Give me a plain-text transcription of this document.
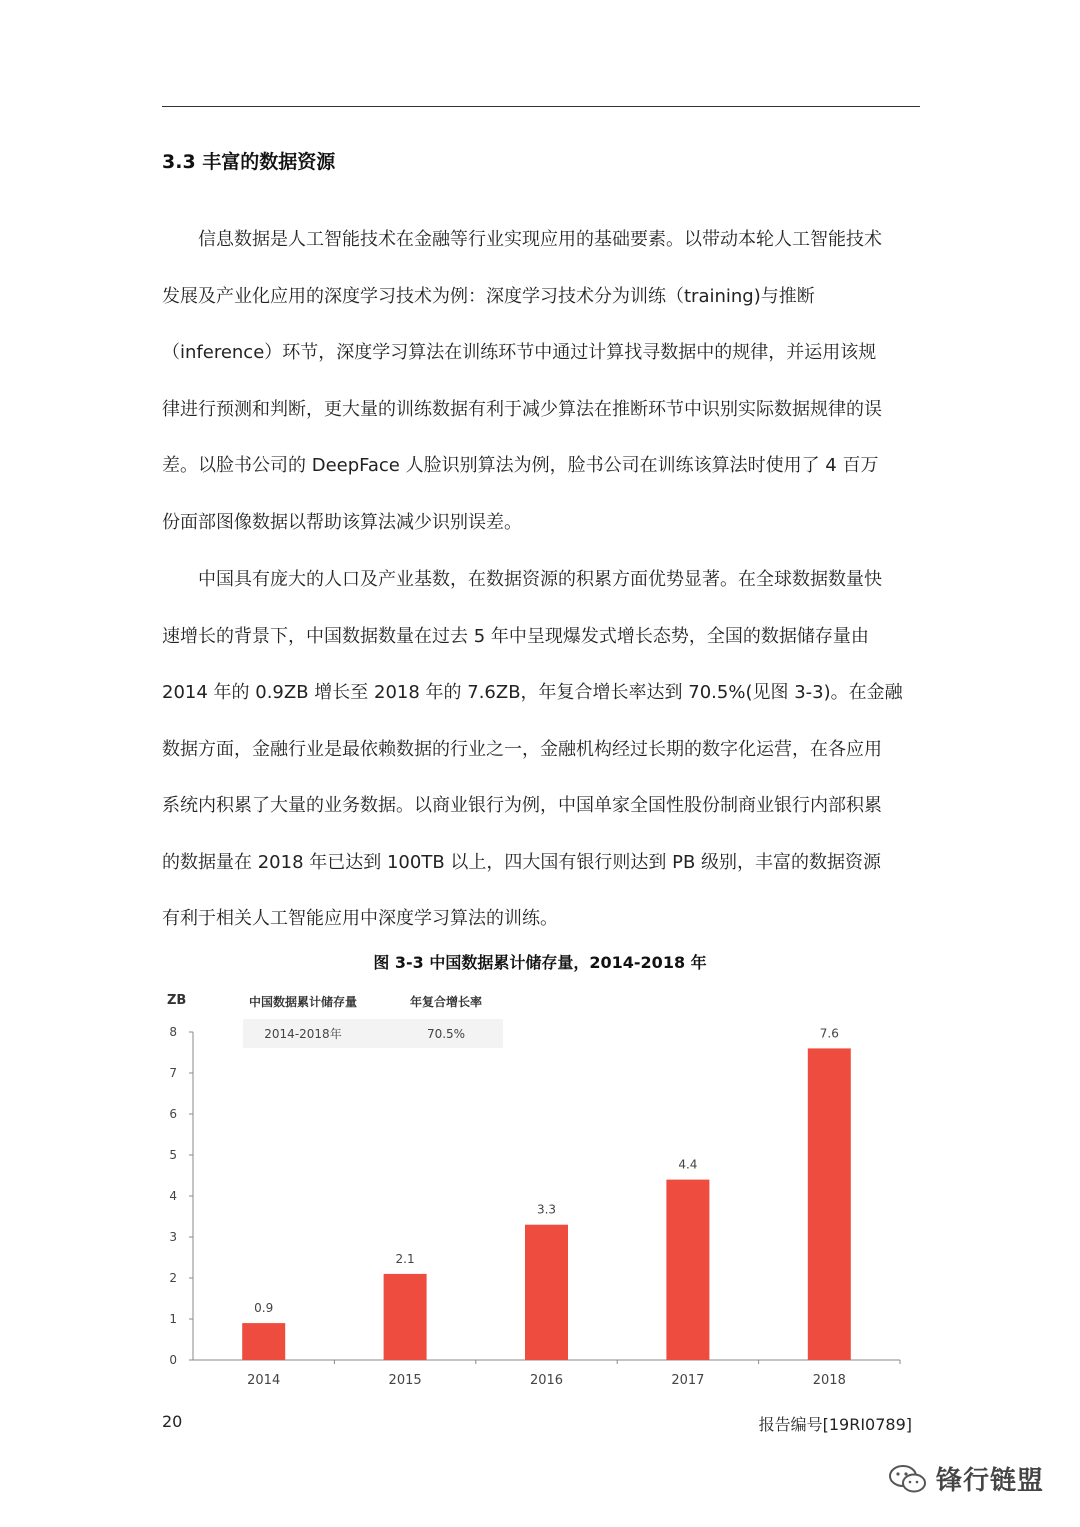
3.3 丰富的数据资源
　　信息数据是人工智能技术在金融等行业实现应用的基础要素。以带动本轮人工智能技术
发展及产业化应用的深度学习技术为例：深度学习技术分为训练（training)与推断
（inference）环节，深度学习算法在训练环节中通过计算找寻数据中的规律，并运用该规
律进行预测和判断，更大量的训练数据有利于减少算法在推断环节中识别实际数据规律的误
差。以脸书公司的 DeepFace 人脸识别算法为例，脸书公司在训练该算法时使用了 4 百万
份面部图像数据以帮助该算法减少识别误差。
　　中国具有庞大的人口及产业基数，在数据资源的积累方面优势显著。在全球数据数量快
速增长的背景下，中国数据数量在过去 5 年中呈现爆发式增长态势，全国的数据储存量由
2014 年的 0.9ZB 增长至 2018 年的 7.6ZB，年复合增长率达到 70.5%(见图 3-3)。在金融
数据方面，金融行业是最依赖数据的行业之一，金融机构经过长期的数字化运营，在各应用
系统内积累了大量的业务数据。以商业银行为例，中国单家全国性股份制商业银行内部积累
的数据量在 2018 年已达到 100TB 以上，四大国有银行则达到 PB 级别，丰富的数据资源
有利于相关人工智能应用中深度学习算法的训练。
图 3-3 中国数据累计储存量，2014-2018 年
ZB	中国数据累计储存量	年复合增长率
2014-2018年	70.5%
0
1
2
3
4
5
6
7
8
0.9
2014
2.1
2015
3.3
2016
4.4
2017
7.6
2018
20	报告编号[19RI0789]
锋行链盟
